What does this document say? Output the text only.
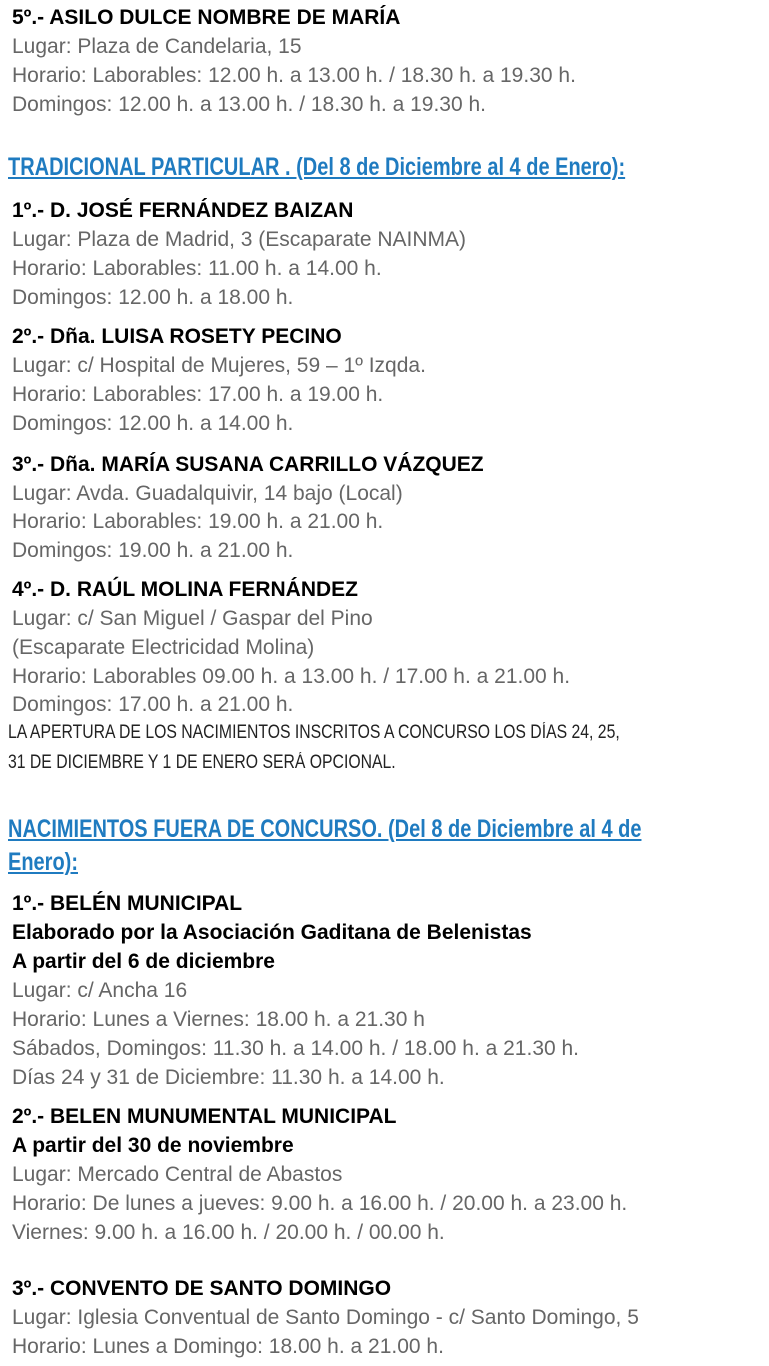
5º.- ASILO DULCE NOMBRE DE MARÍA
Lugar: Plaza de Candelaria, 15
Horario: Laborables: 12.00 h. a 13.00 h. / 18.30 h. a 19.30 h.
Domingos: 12.00 h. a 13.00 h. / 18.30 h. a 19.30 h.
TRADICIONAL PARTICULAR . (Del 8 de Diciembre al 4 de Enero):
1º.- D. JOSÉ FERNÁNDEZ BAIZAN
Lugar: Plaza de Madrid, 3 (Escaparate NAINMA)
Horario: Laborables: 11.00 h. a 14.00 h.
Domingos: 12.00 h. a 18.00 h.
2º.- Dña. LUISA ROSETY PECINO
Lugar: c/ Hospital de Mujeres, 59 – 1º Izqda.
Horario: Laborables: 17.00 h. a 19.00 h.
Domingos: 12.00 h. a 14.00 h.
3º.- Dña. MARÍA SUSANA CARRILLO VÁZQUEZ
Lugar: Avda. Guadalquivir, 14 bajo (Local)
Horario: Laborables: 19.00 h. a 21.00 h.
Domingos: 19.00 h. a 21.00 h.
4º.- D. RAÚL MOLINA FERNÁNDEZ
Lugar: c/ San Miguel / Gaspar del Pino
(Escaparate Electricidad Molina)
Horario: Laborables 09.00 h. a 13.00 h. / 17.00 h. a 21.00 h.
Domingos: 17.00 h. a 21.00 h.
LA APERTURA DE LOS NACIMIENTOS INSCRITOS A CONCURSO LOS DÍAS 24, 25,
31 DE DICIEMBRE Y 1 DE ENERO SERÁ OPCIONAL.
NACIMIENTOS FUERA DE CONCURSO. (Del 8 de Diciembre al 4 de
Enero):
1º.- BELÉN MUNICIPAL
Elaborado por la Asociación Gaditana de Belenistas
A partir del 6 de diciembre
Lugar: c/ Ancha 16
Horario: Lunes a Viernes: 18.00 h. a 21.30 h
Sábados, Domingos: 11.30 h. a 14.00 h. / 18.00 h. a 21.30 h.
Días 24 y 31 de Diciembre: 11.30 h. a 14.00 h.
2º.- BELEN MUNUMENTAL MUNICIPAL
A partir del 30 de noviembre
Lugar: Mercado Central de Abastos
Horario: De lunes a jueves: 9.00 h. a 16.00 h. / 20.00 h. a 23.00 h.
Viernes: 9.00 h. a 16.00 h. / 20.00 h. / 00.00 h.
3º.- CONVENTO DE SANTO DOMINGO
Lugar: Iglesia Conventual de Santo Domingo - c/ Santo Domingo, 5
Horario: Lunes a Domingo: 18.00 h. a 21.00 h.
